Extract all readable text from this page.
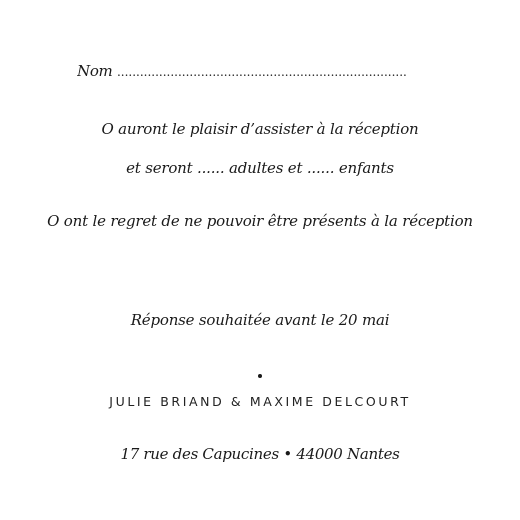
Nom ............................................................................
O auront le plaisir d’assister à la réception
et seront ...... adultes et ...... enfants
O ont le regret de ne pouvoir être présents à la réception
Réponse souhaitée avant le 20 mai
JULIE BRIAND & MAXIME DELCOURT
17 rue des Capucines • 44000 Nantes
